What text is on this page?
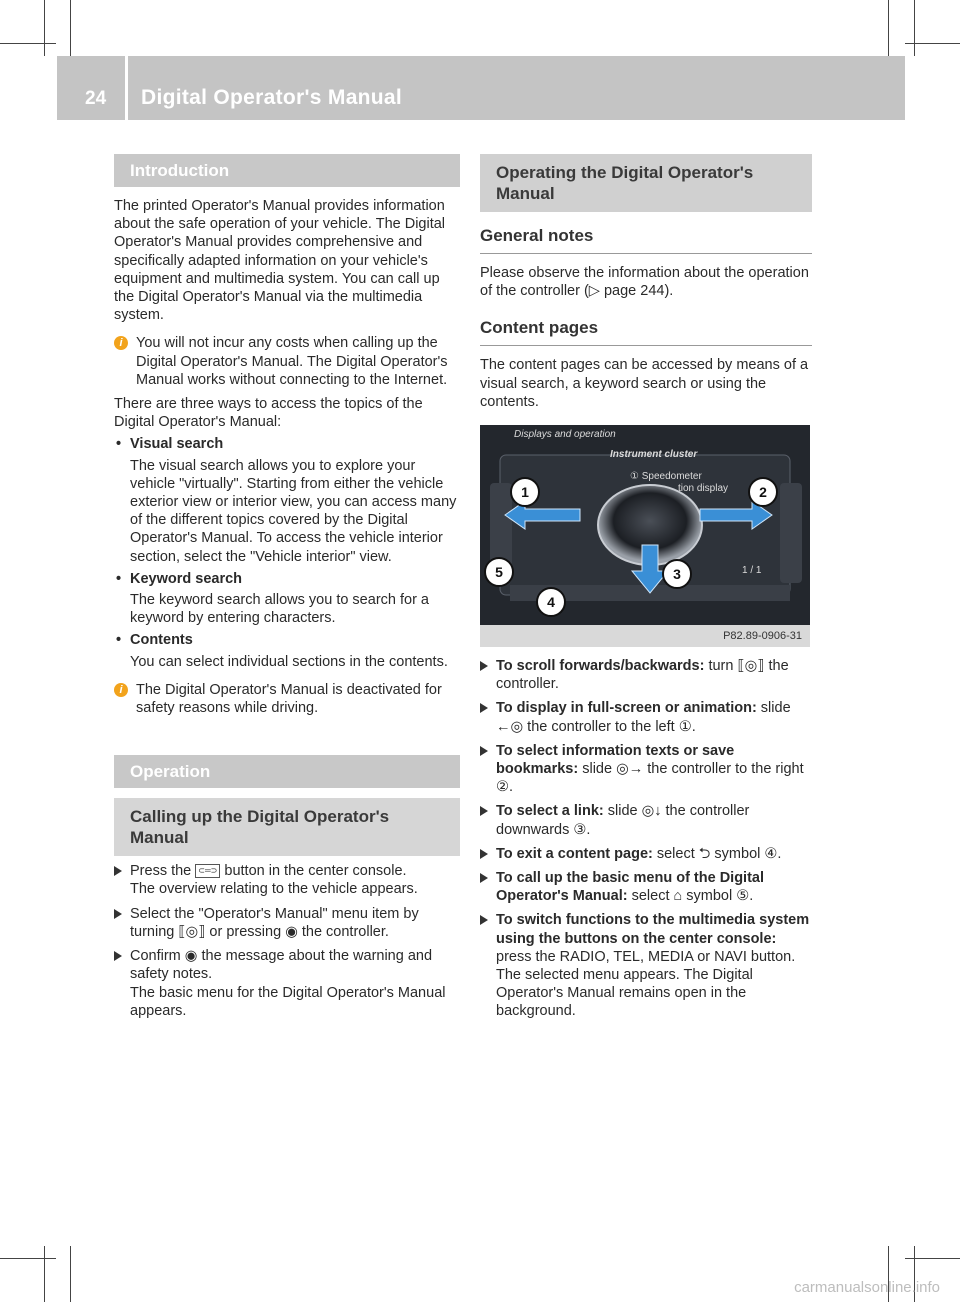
24 Digital Operator's Manual
Introduction

The printed Operator's Manual provides information about the safe operation of your vehicle. The Digital Operator's Manual provides comprehensive and specifically adapted information on your vehicle's equipment and multimedia system. You can call up the Digital Operator's Manual via the multimedia system.

i You will not incur any costs when calling up the Digital Operator's Manual. The Digital Operator's Manual works without connecting to the Internet.

There are three ways to access the topics of the Digital Operator's Manual:

• Visual search
The visual search allows you to explore your vehicle "virtually". Starting from either the vehicle exterior view or interior view, you can access many of the different topics covered by the Digital Operator's Manual. To access the vehicle interior section, select the "Vehicle interior" view.
• Keyword search
The keyword search allows you to search for a keyword by entering characters.
• Contents
You can select individual sections in the contents.
i The Digital Operator's Manual is deactivated for safety reasons while driving.
Operation
Calling up the Digital Operator's Manual
Press the ⊂═⊃ button in the center console.
The overview relating to the vehicle appears.
Select the "Operator's Manual" menu item by turning ⟦◎⟧ or pressing ◉ the controller.
Confirm ◉ the message about the warning and safety notes.
The basic menu for the Digital Operator's Manual appears.
Operating the Digital Operator's Manual
General notes

Please observe the information about the operation of the controller (▷ page 244).

Content pages

The content pages can be accessed by means of a visual search, a keyword search or using the contents.

Displays and operation
Instrument cluster
① Speedometer
tion display
1 / 1
1	2
3
4
5
P82.89-0906-31
To scroll forwards/backwards: turn ⟦◎⟧ the controller.
To display in full-screen or animation: slide ←◎ the controller to the left ①.
To select information texts or save bookmarks: slide ◎→ the controller to the right ②.
To select a link: slide ◎↓ the controller downwards ③.
To exit a content page: select ⮌ symbol ④.
To call up the basic menu of the Digital Operator's Manual: select ⌂ symbol ⑤.
To switch functions to the multimedia system using the buttons on the center console: press the RADIO, TEL, MEDIA or NAVI button.
The selected menu appears. The Digital Operator's Manual remains open in the background.
carmanualsonline.info
